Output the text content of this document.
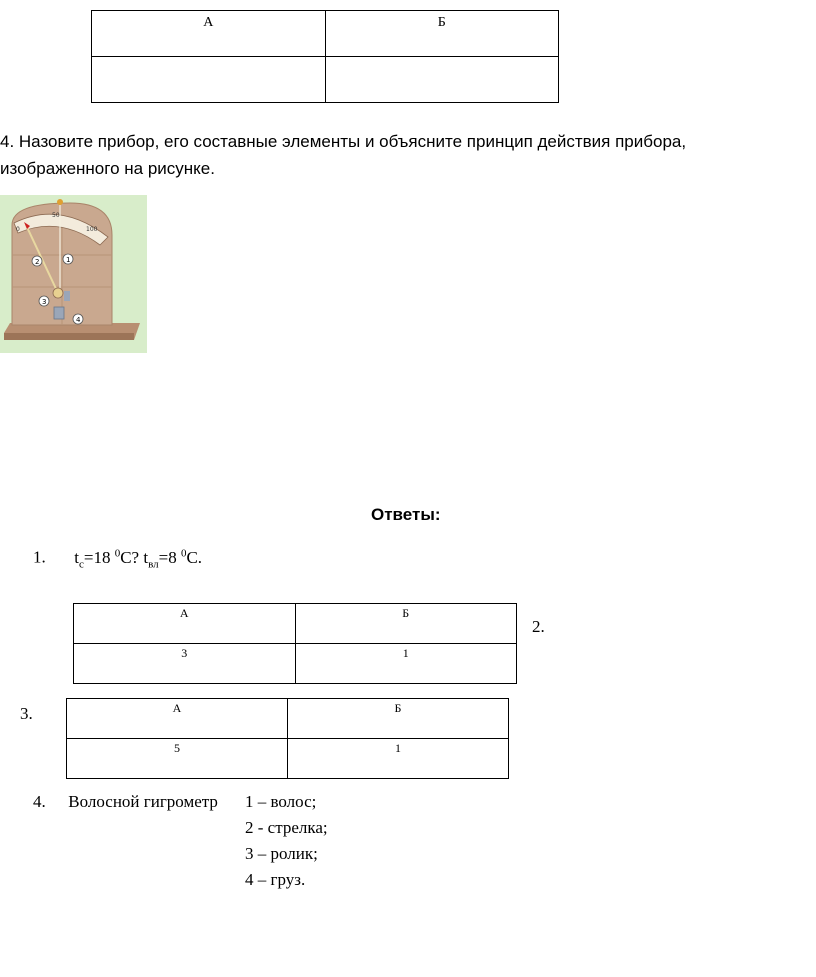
А	Б

4. Назовите прибор, его составные элементы и объясните принцип действия прибора,
изображенного на рисунке.
0
50
100
1
2
3
4
Ответы:
1. $t_с=18$ $^0$C? $t_{вл}=8$ $^0$C.
А	Б
3	1
2.
3.	А	Б
5	1
4. Волосной гигрометр 1 – волос;
2 - стрелка;
3 – ролик;
4 – груз.
